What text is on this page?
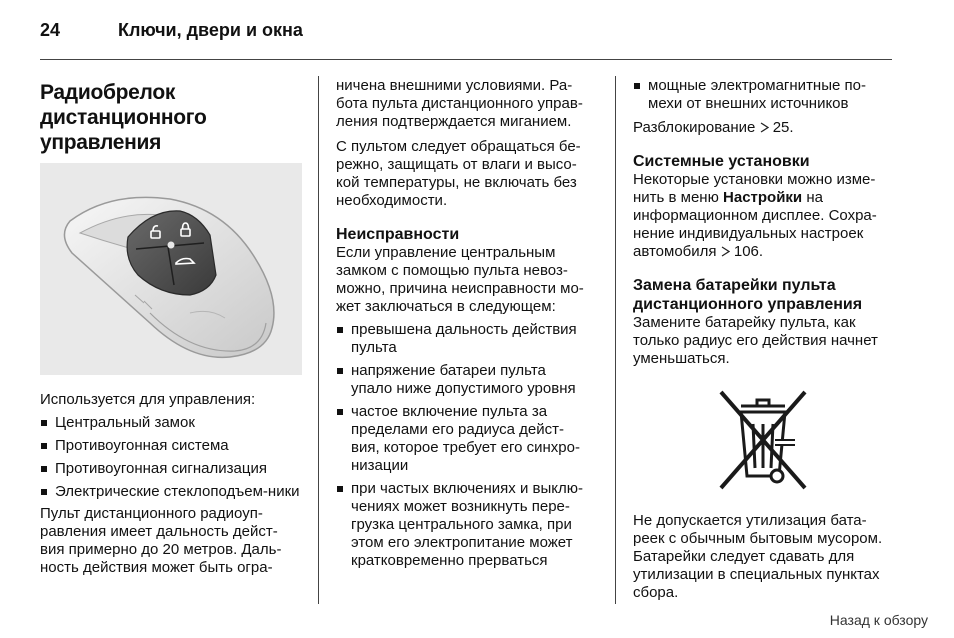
24	Ключи, двери и окна
Радиобрелок
дистанционного
управления

Используется для управления:

Центральный замок
Противоугонная система
Противоугонная сигнализация
Электрические стеклоподъем-ники

Пульт дистанционного радиоуп-
равления имеет дальность дейст-
вия примерно до 20 метров. Даль-
ность действия может быть огра-

ничена внешними условиями. Ра-
бота пульта дистанционного управ-
ления подтверждается миганием.

С пультом следует обращаться бе-
режно, защищать от влаги и высо-
кой температуры, не включать без
необходимости.

Неисправности

Если управление центральным
замком с помощью пульта невоз-
можно, причина неисправности мо-
жет заключаться в следующем:

превышена дальность действия
пульта
напряжение батареи пульта
упало ниже допустимого уровня
частое включение пульта за
пределами его радиуса дейст-
вия, которое требует его синхро-
низации
при частых включениях и выклю-
чениях может возникнуть пере-
грузка центрального замка, при
этом его электропитание может
кратковременно прерваться
мощные электромагнитные по-
мехи от внешних источников

Разблокирование 25.

Системные установки

Некоторые установки можно изме-
нить в меню Настройки на
информационном дисплее. Сохра-
нение индивидуальных настроек
автомобиля 106.

Замена батарейки пульта
дистанционного управления

Замените батарейку пульта, как
только радиус его действия начнет
уменьшаться.

Не допускается утилизация бата-
реек с обычным бытовым мусором.
Батарейки следует сдавать для
утилизации в специальных пунктах
сбора.

Назад к обзору
